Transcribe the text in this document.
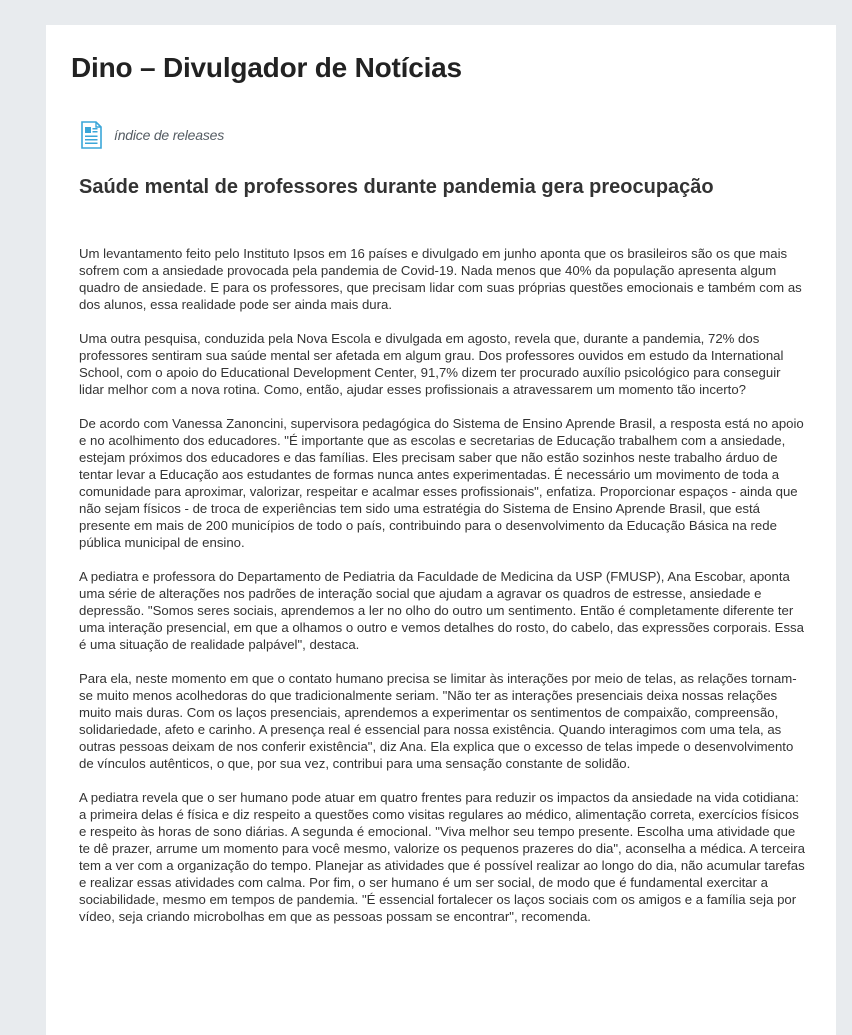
Dino – Divulgador de Notícias
índice de releases
Saúde mental de professores durante pandemia gera preocupação

Um levantamento feito pelo Instituto Ipsos em 16 países e divulgado em junho aponta que os brasileiros são os que mais sofrem com a ansiedade provocada pela pandemia de Covid-19. Nada menos que 40% da população apresenta algum quadro de ansiedade. E para os professores, que precisam lidar com suas próprias questões emocionais e também com as dos alunos, essa realidade pode ser ainda mais dura.

Uma outra pesquisa, conduzida pela Nova Escola e divulgada em agosto, revela que, durante a pandemia, 72% dos professores sentiram sua saúde mental ser afetada em algum grau. Dos professores ouvidos em estudo da International School, com o apoio do Educational Development Center, 91,7% dizem ter procurado auxílio psicológico para conseguir lidar melhor com a nova rotina. Como, então, ajudar esses profissionais a atravessarem um momento tão incerto?

De acordo com Vanessa Zanoncini, supervisora pedagógica do Sistema de Ensino Aprende Brasil, a resposta está no apoio e no acolhimento dos educadores. "É importante que as escolas e secretarias de Educação trabalhem com a ansiedade, estejam próximos dos educadores e das famílias. Eles precisam saber que não estão sozinhos neste trabalho árduo de tentar levar a Educação aos estudantes de formas nunca antes experimentadas. É necessário um movimento de toda a comunidade para aproximar, valorizar, respeitar e acalmar esses profissionais", enfatiza. Proporcionar espaços - ainda que não sejam físicos - de troca de experiências tem sido uma estratégia do Sistema de Ensino Aprende Brasil, que está presente em mais de 200 municípios de todo o país, contribuindo para o desenvolvimento da Educação Básica na rede pública municipal de ensino.

A pediatra e professora do Departamento de Pediatria da Faculdade de Medicina da USP (FMUSP), Ana Escobar, aponta uma série de alterações nos padrões de interação social que ajudam a agravar os quadros de estresse, ansiedade e depressão. "Somos seres sociais, aprendemos a ler no olho do outro um sentimento. Então é completamente diferente ter uma interação presencial, em que a olhamos o outro e vemos detalhes do rosto, do cabelo, das expressões corporais. Essa é uma situação de realidade palpável", destaca.

Para ela, neste momento em que o contato humano precisa se limitar às interações por meio de telas, as relações tornam-se muito menos acolhedoras do que tradicionalmente seriam. "Não ter as interações presenciais deixa nossas relações muito mais duras. Com os laços presenciais, aprendemos a experimentar os sentimentos de compaixão, compreensão, solidariedade, afeto e carinho. A presença real é essencial para nossa existência. Quando interagimos com uma tela, as outras pessoas deixam de nos conferir existência", diz Ana. Ela explica que o excesso de telas impede o desenvolvimento de vínculos autênticos, o que, por sua vez, contribui para uma sensação constante de solidão.

A pediatra revela que o ser humano pode atuar em quatro frentes para reduzir os impactos da ansiedade na vida cotidiana: a primeira delas é física e diz respeito a questões como visitas regulares ao médico, alimentação correta, exercícios físicos e respeito às horas de sono diárias. A segunda é emocional. "Viva melhor seu tempo presente. Escolha uma atividade que te dê prazer, arrume um momento para você mesmo, valorize os pequenos prazeres do dia", aconselha a médica. A terceira tem a ver com a organização do tempo. Planejar as atividades que é possível realizar ao longo do dia, não acumular tarefas e realizar essas atividades com calma. Por fim, o ser humano é um ser social, de modo que é fundamental exercitar a sociabilidade, mesmo em tempos de pandemia. "É essencial fortalecer os laços sociais com os amigos e a família seja por vídeo, seja criando microbolhas em que as pessoas possam se encontrar", recomenda.
